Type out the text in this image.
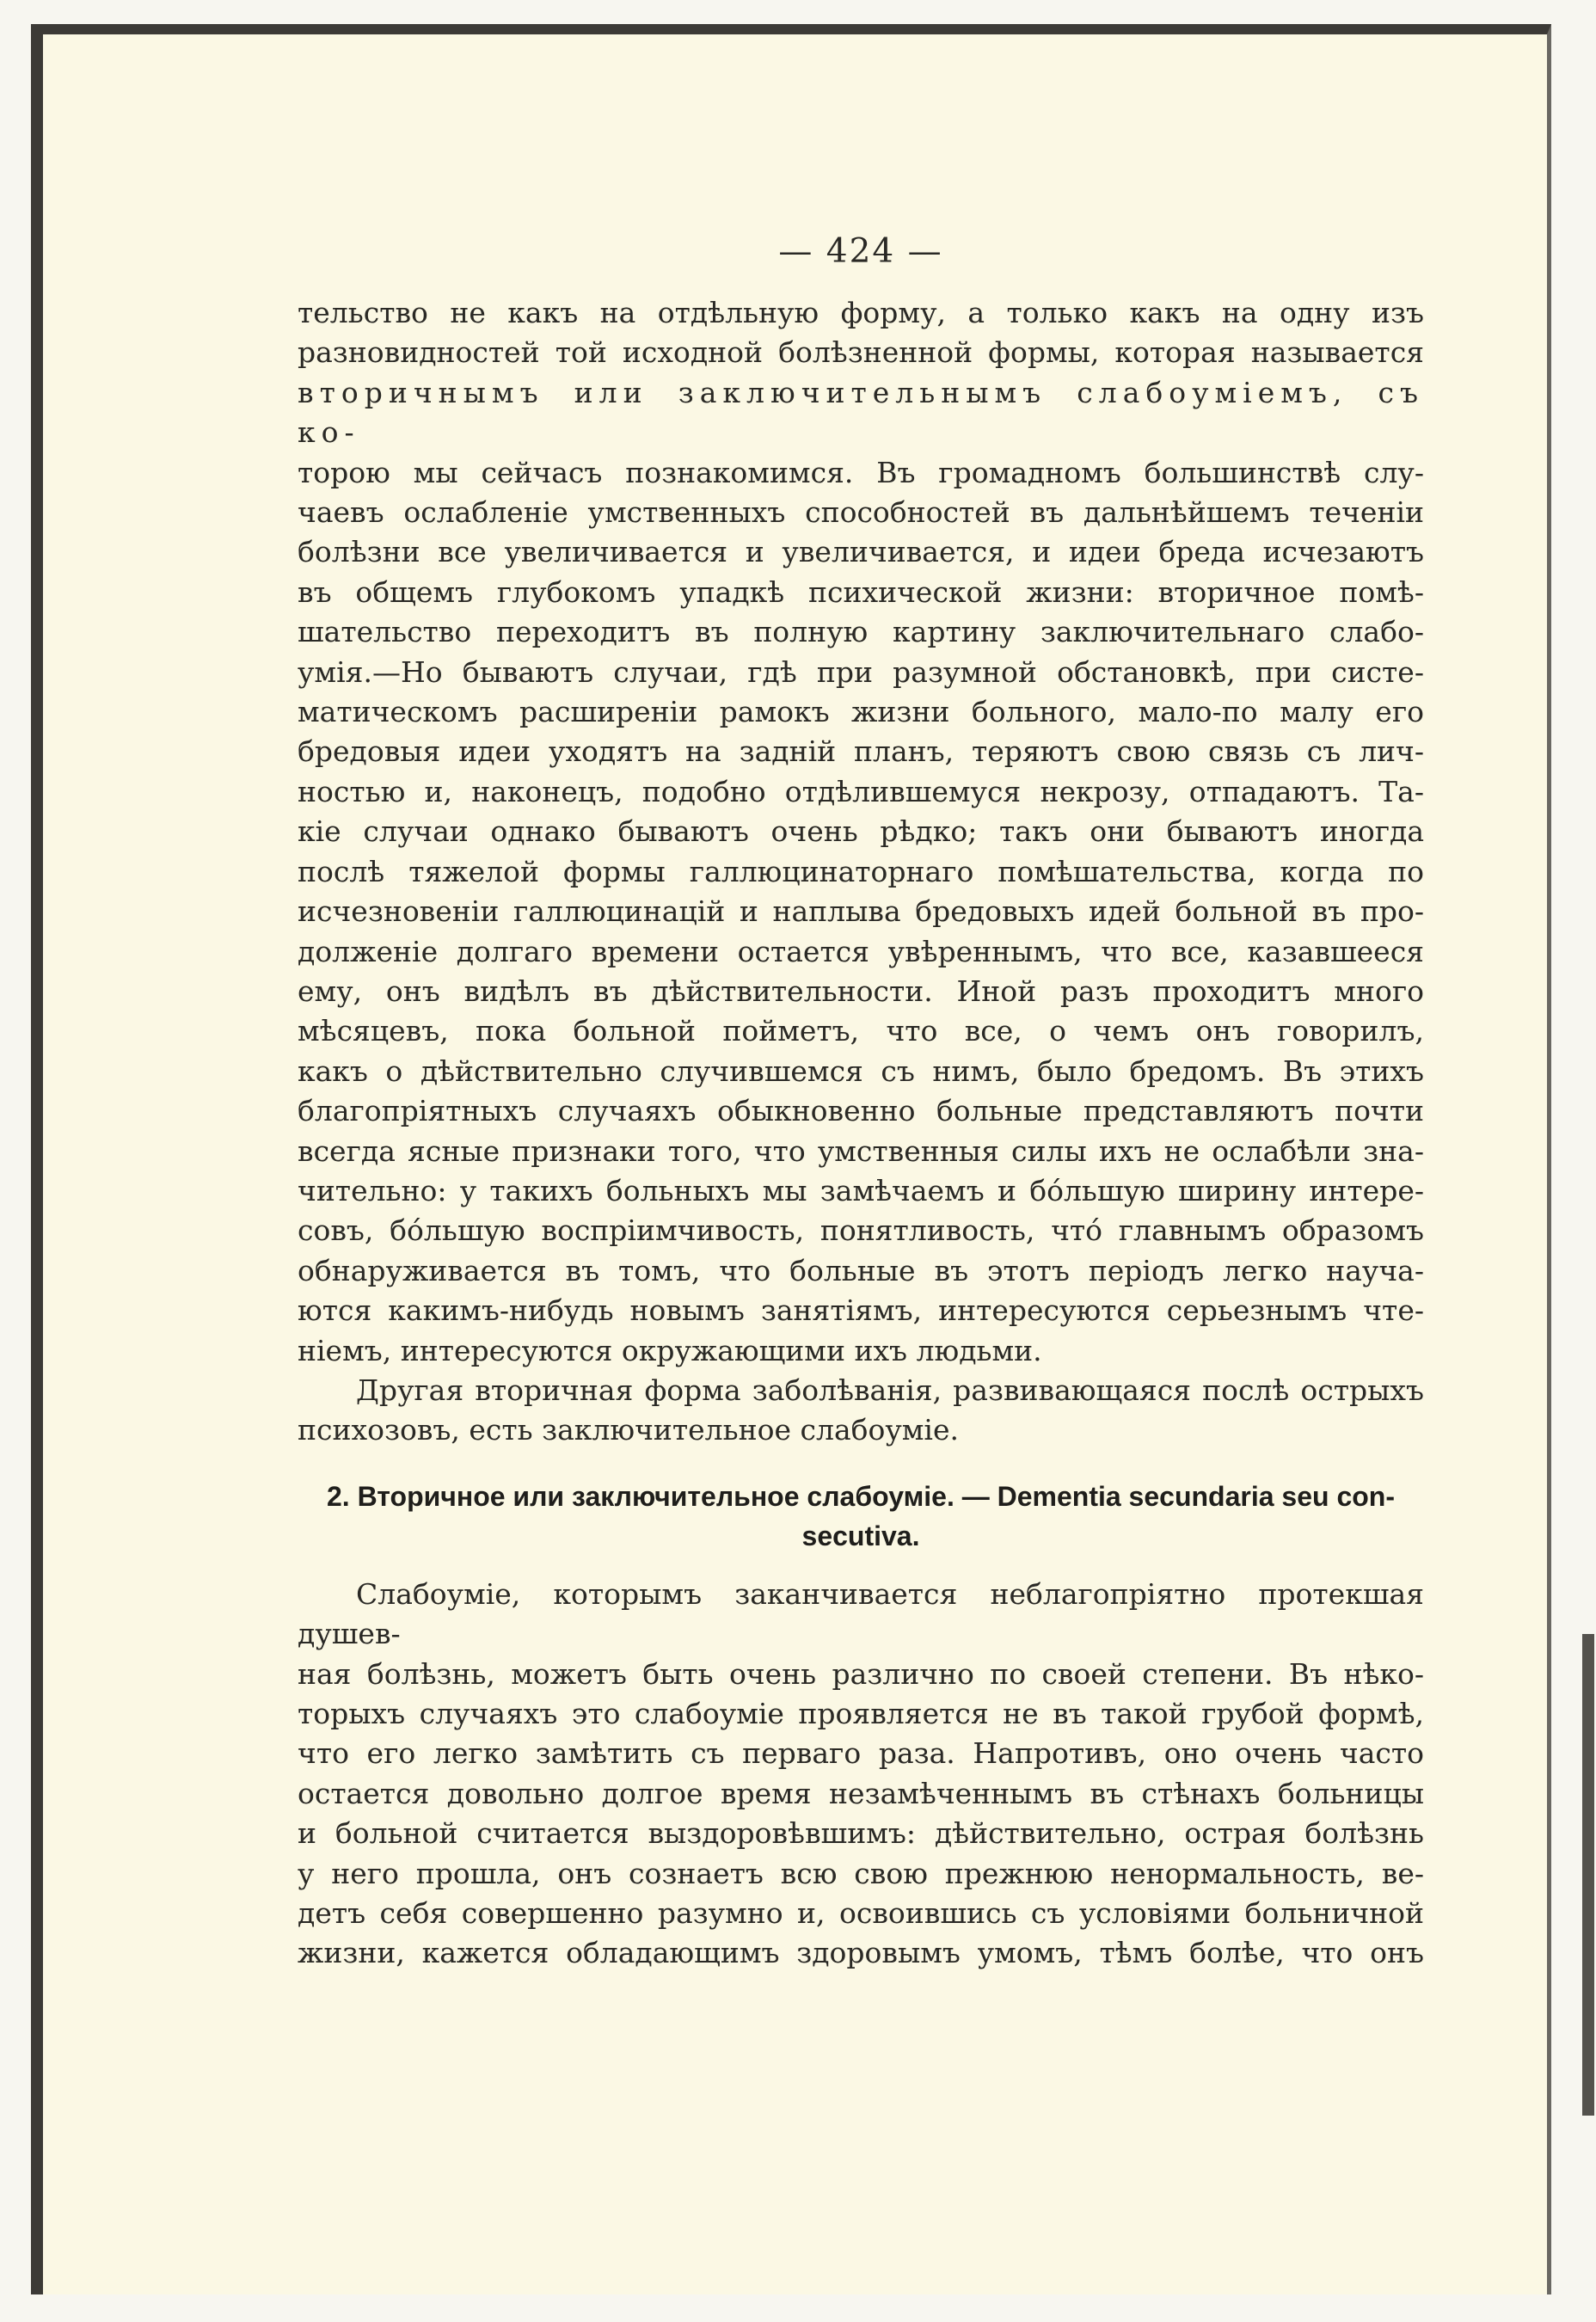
— 424 —

тельство не какъ на отдѣльную форму, а только какъ на одну изъ

разновидностей той исходной болѣзненной формы, которая называется

вторичнымъ или заключительнымъ слабоуміемъ, съ ко-

торою мы сейчасъ познакомимся. Въ громадномъ большинствѣ слу-

чаевъ ослабленіе умственныхъ способностей въ дальнѣйшемъ теченіи

болѣзни все увеличивается и увеличивается, и идеи бреда исчезаютъ

въ общемъ глубокомъ упадкѣ психической жизни: вторичное помѣ-

шательство переходитъ въ полную картину заключительнаго слабо-

умія.—Но бываютъ случаи, гдѣ при разумной обстановкѣ, при систе-

матическомъ расширеніи рамокъ жизни больного, мало-по малу его

бредовыя идеи уходятъ на задній планъ, теряютъ свою связь съ лич-

ностью и, наконецъ, подобно отдѣлившемуся некрозу, отпадаютъ. Та-

кіе случаи однако бываютъ очень рѣдко; такъ они бываютъ иногда

послѣ тяжелой формы галлюцинаторнаго помѣшательства, когда по

исчезновеніи галлюцинацій и наплыва бредовыхъ идей больной въ про-

долженіе долгаго времени остается увѣреннымъ, что все, казавшееся

ему, онъ видѣлъ въ дѣйствительности. Иной разъ проходитъ много

мѣсяцевъ, пока больной пойметъ, что все, о чемъ онъ говорилъ,

какъ о дѣйствительно случившемся съ нимъ, было бредомъ. Въ этихъ

благопріятныхъ случаяхъ обыкновенно больные представляютъ почти

всегда ясные признаки того, что умственныя силы ихъ не ослабѣли зна-

чительно: у такихъ больныхъ мы замѣчаемъ и бо́льшую ширину интере-

совъ, бо́льшую воспріимчивость, понятливость, что́ главнымъ образомъ

обнаруживается въ томъ, что больные въ этотъ періодъ легко научa-

ются какимъ-нибудь новымъ занятіямъ, интересуются серьезнымъ чте-

ніемъ, интересуются окружающими ихъ людьми.

Другая вторичная форма заболѣванія, развивающаяся послѣ острыхъ

психозовъ, есть заключительное слабоуміе.

2. Вторичное или заключительное слабоуміе. — Dementia secundaria seu con-
secutiva.

Слабоуміе, которымъ заканчивается неблагопріятно протекшая душев-

ная болѣзнь, можетъ быть очень различно по своей степени. Въ нѣко-

торыхъ случаяхъ это слабоуміе проявляется не въ такой грубой формѣ,

что его легко замѣтить съ перваго раза. Напротивъ, оно очень часто

остается довольно долгое время незамѣченнымъ въ стѣнахъ больницы

и больной считается выздоровѣвшимъ: дѣйствительно, острая болѣзнь

у него прошла, онъ сознаетъ всю свою прежнюю ненормальность, ве-

детъ себя совершенно разумно и, освоившись съ условіями больничной

жизни, кажется обладающимъ здоровымъ умомъ, тѣмъ болѣе, что онъ
